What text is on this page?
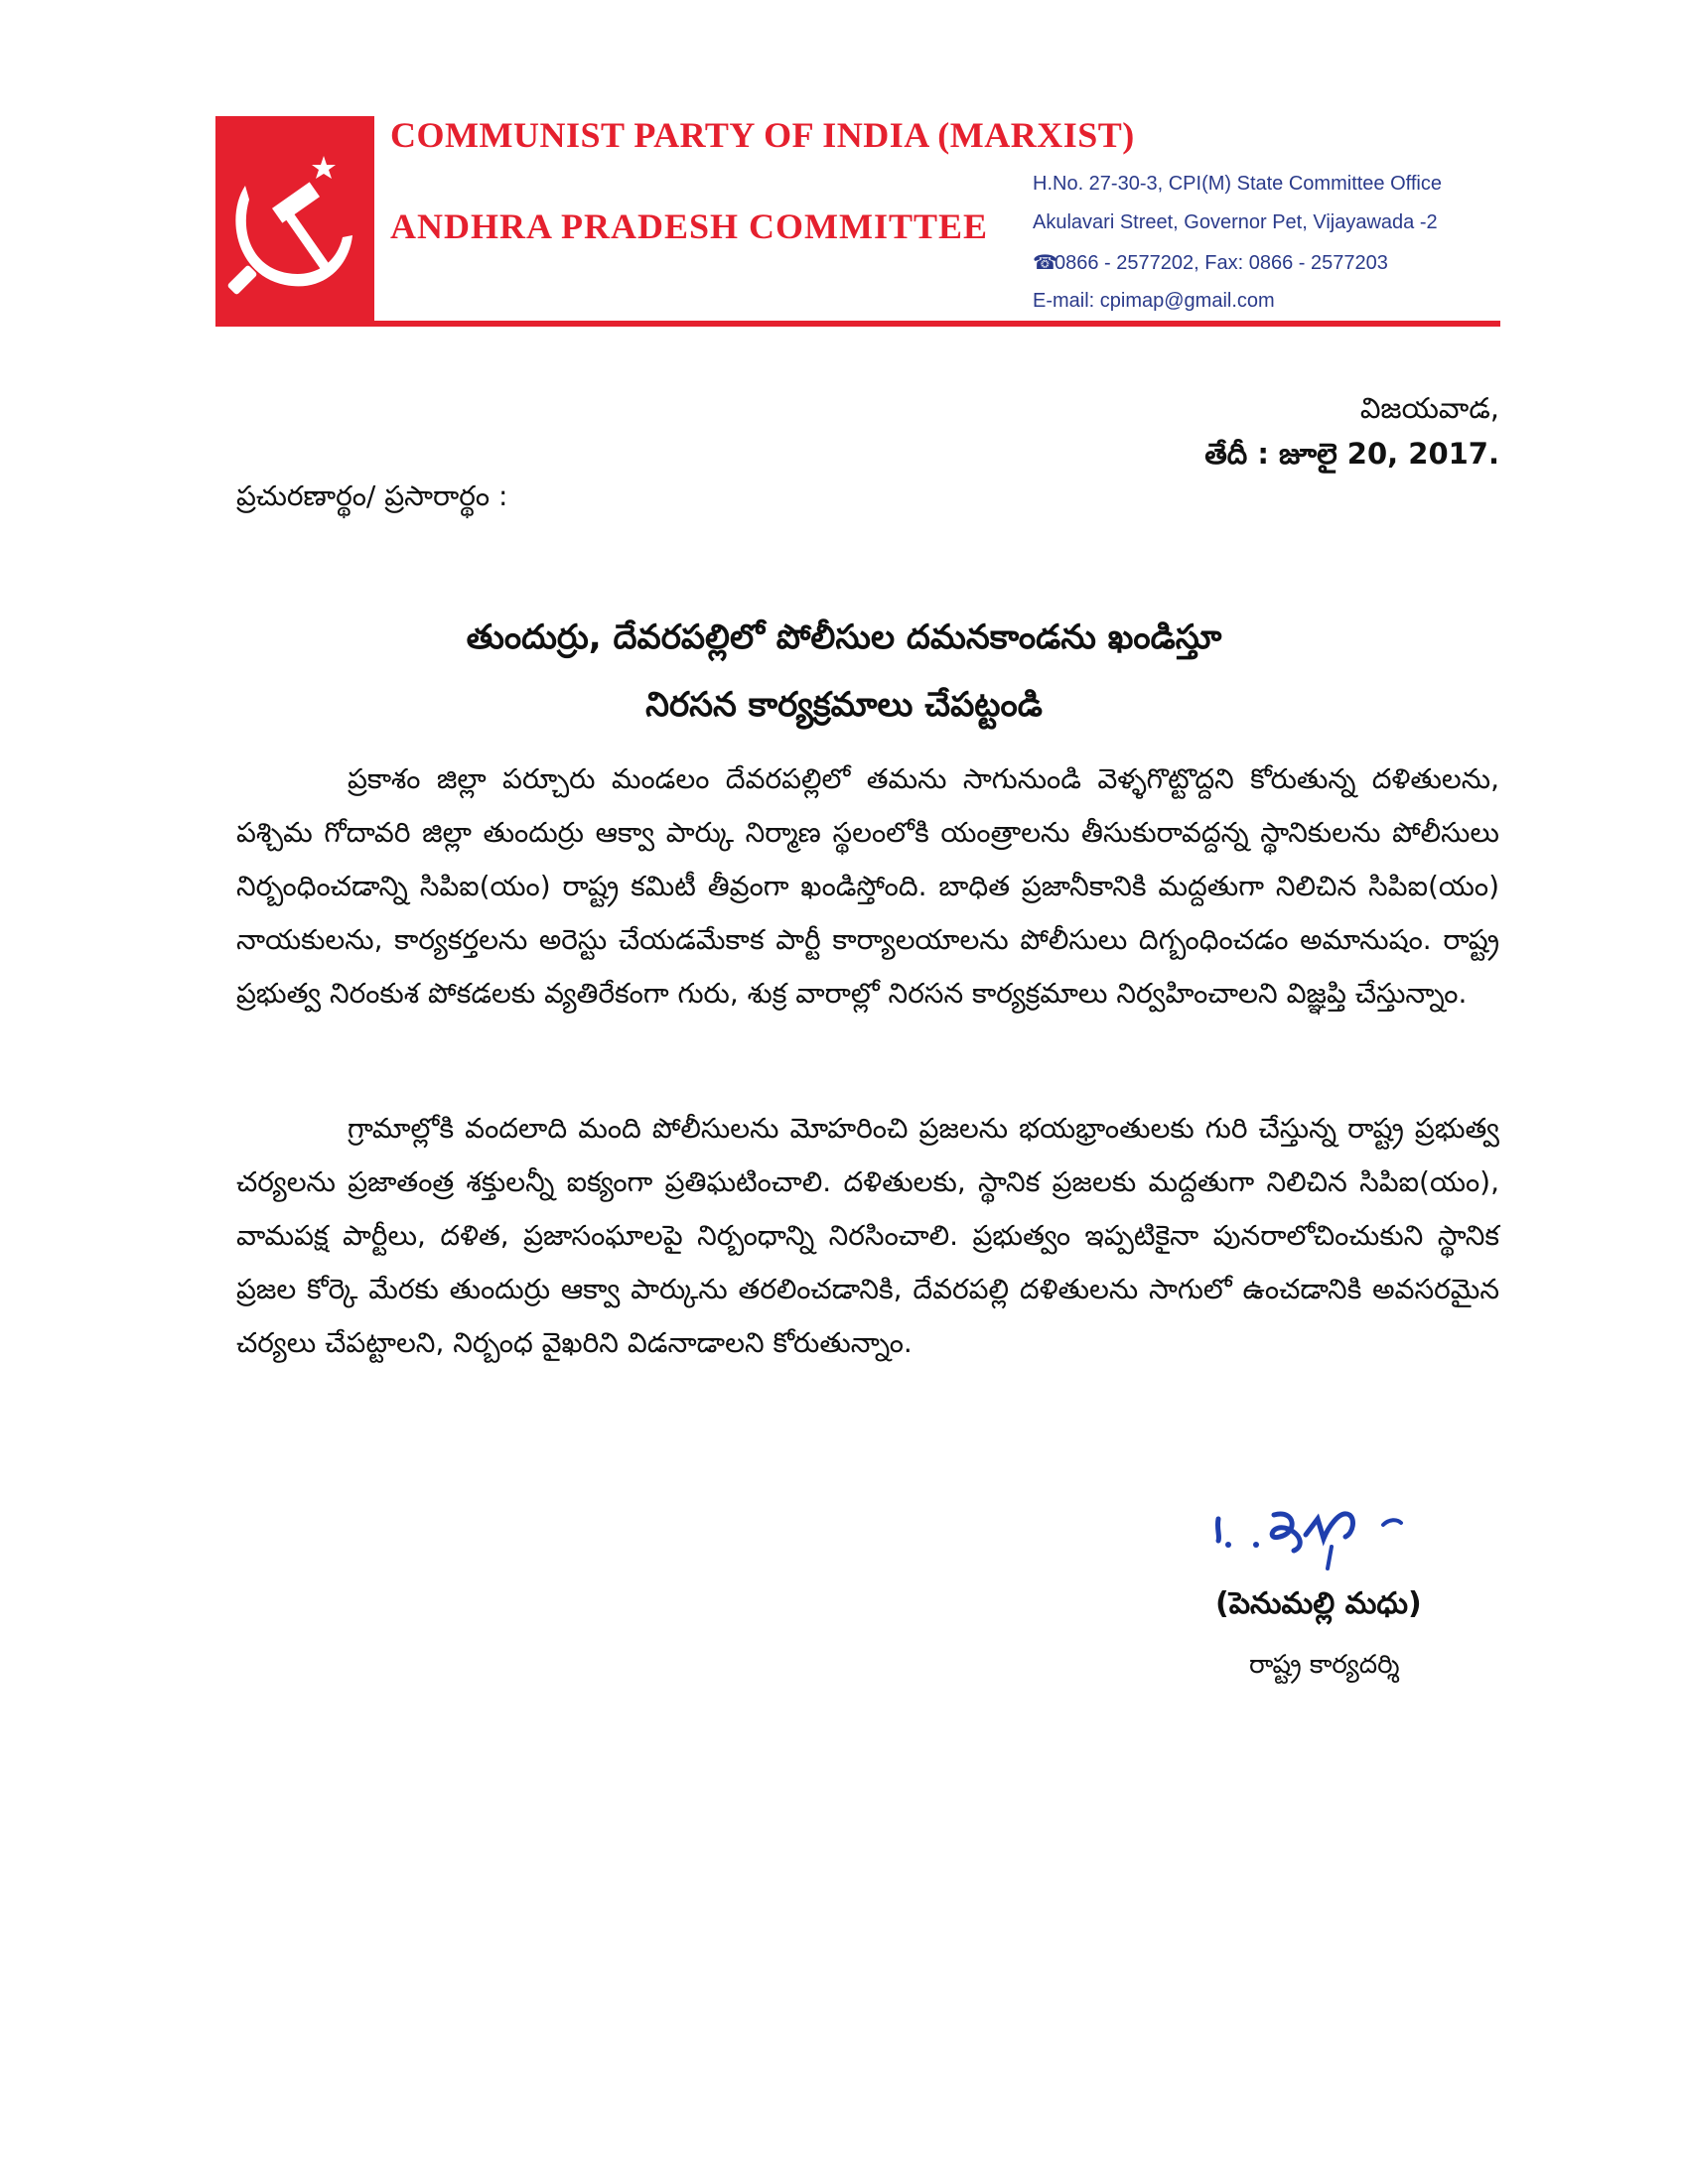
COMMUNIST PARTY OF INDIA (MARXIST)
ANDHRA PRADESH COMMITTEE
H.No. 27-30-3, CPI(M) State Committee Office
Akulavari Street, Governor Pet, Vijayawada -2
☎0866 - 2577202, Fax: 0866 - 2577203
E-mail: cpimap@gmail.com
విజయవాడ,
తేదీ : జూలై 20, 2017.
ప్రచురణార్థం/ ప్రసారార్థం :
తుందుర్రు, దేవరపల్లిలో పోలీసుల దమనకాండను ఖండిస్తూ
నిరసన కార్యక్రమాలు చేపట్టండి

ప్రకాశం జిల్లా పర్చూరు మండలం దేవరపల్లిలో తమను సాగునుండి వెళ్ళగొట్టొద్దని కోరుతున్న దళితులను, పశ్చిమ గోదావరి జిల్లా తుందుర్రు ఆక్వా పార్కు నిర్మాణ స్థలంలోకి యంత్రాలను తీసుకురావద్దన్న స్థానికులను పోలీసులు నిర్బంధించడాన్ని సిపిఐ(యం) రాష్ట్ర కమిటీ తీవ్రంగా ఖండిస్తోంది. బాధిత ప్రజానీకానికి మద్దతుగా నిలిచిన సిపిఐ(యం) నాయకులను, కార్యకర్తలను అరెస్టు చేయడమేకాక పార్టీ కార్యాలయాలను పోలీసులు దిగ్బంధించడం అమానుషం. రాష్ట్ర ప్రభుత్వ నిరంకుశ పోకడలకు వ్యతిరేకంగా గురు, శుక్ర వారాల్లో నిరసన కార్యక్రమాలు నిర్వహించాలని విజ్ఞప్తి చేస్తున్నాం.

గ్రామాల్లోకి వందలాది మంది పోలీసులను మోహరించి ప్రజలను భయభ్రాంతులకు గురి చేస్తున్న రాష్ట్ర ప్రభుత్వ చర్యలను ప్రజాతంత్ర శక్తులన్నీ ఐక్యంగా ప్రతిఘటించాలి. దళితులకు, స్థానిక ప్రజలకు మద్దతుగా నిలిచిన సిపిఐ(యం), వామపక్ష పార్టీలు, దళిత, ప్రజాసంఘాలపై నిర్బంధాన్ని నిరసించాలి. ప్రభుత్వం ఇప్పటికైనా పునరాలోచించుకుని స్థానిక ప్రజల కోర్కె మేరకు తుందుర్రు ఆక్వా పార్కును తరలించడానికి, దేవరపల్లి దళితులను సాగులో ఉంచడానికి అవసరమైన చర్యలు చేపట్టాలని, నిర్బంధ వైఖరిని విడనాడాలని కోరుతున్నాం.

(పెనుమల్లి మధు)
రాష్ట్ర కార్యదర్శి
